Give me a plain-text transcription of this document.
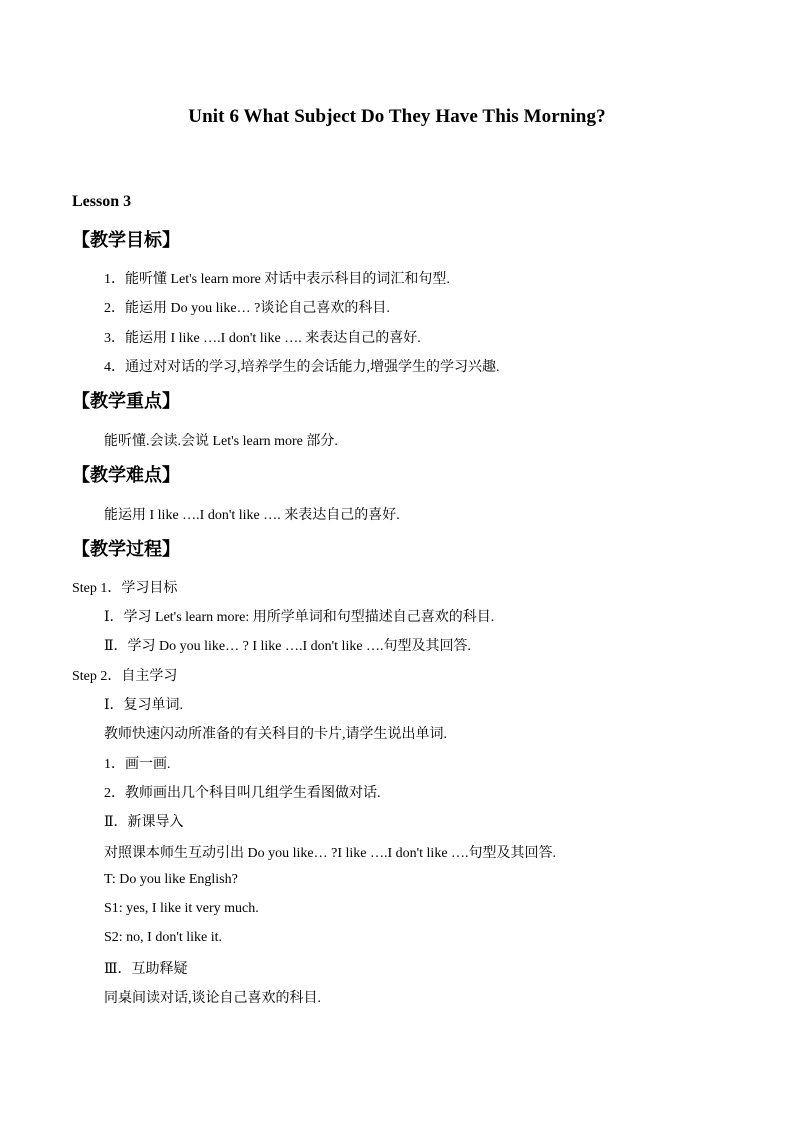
Unit 6 What Subject Do They Have This Morning?
Lesson 3
【教学目标】
1．能听懂 Let's learn more 对话中表示科目的词汇和句型.
2．能运用 Do you like… ?谈论自己喜欢的科目.
3．能运用 I like ….I don't like …. 来表达自己的喜好.
4．通过对对话的学习,培养学生的会话能力,增强学生的学习兴趣.
【教学重点】
能听懂.会读.会说 Let's learn more 部分.
【教学难点】
能运用 I like ….I don't like …. 来表达自己的喜好.
【教学过程】
Step 1．学习目标
Ⅰ．学习 Let's learn more: 用所学单词和句型描述自己喜欢的科目.
Ⅱ．学习 Do you like… ? I like ….I don't like ….句型及其回答.
Step 2．自主学习
Ⅰ．复习单词.
教师快速闪动所准备的有关科目的卡片,请学生说出单词.
1．画一画.
2．教师画出几个科目叫几组学生看图做对话.
Ⅱ．新课导入
对照课本师生互动引出 Do you like… ?I like ….I don't like ….句型及其回答.
T: Do you like English?
S1: yes, I like it very much.
S2: no, I don't like it.
Ⅲ．互助释疑
同桌间读对话,谈论自己喜欢的科目.
